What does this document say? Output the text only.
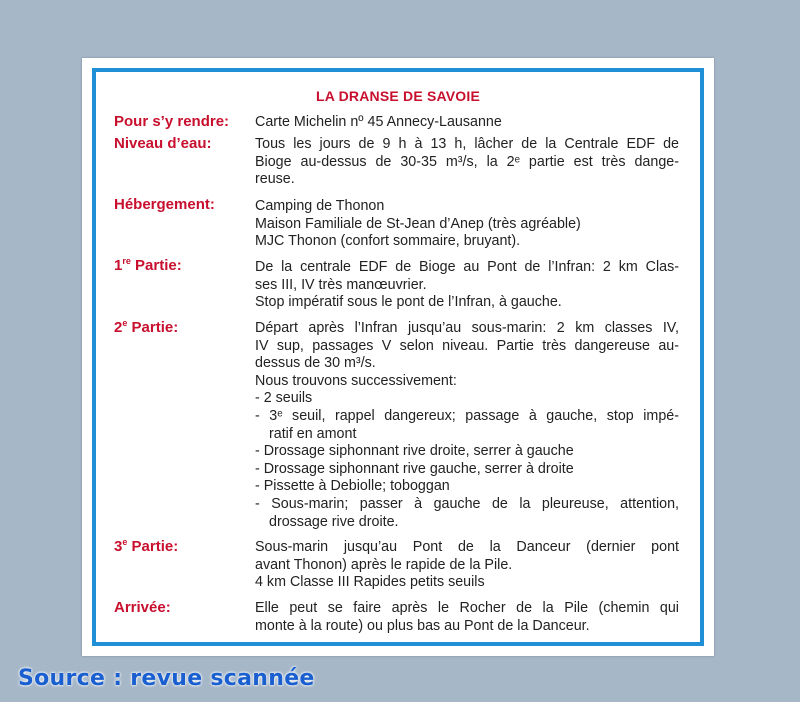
LA DRANSE DE SAVOIE
Pour s’y rendre: Carte Michelin nº 45 Annecy-Lausanne
Niveau d’eau:	Tous les jours de 9 h à 13 h, lâcher de la Centrale EDF de
Bioge au-dessus de 30-35 m³/s, la 2ᵉ partie est très dange-
reuse.
Hébergement:	Camping de Thonon
Maison Familiale de St-Jean d’Anep (très agréable)
MJC Thonon (confort sommaire, bruyant).
1re Partie:	De la centrale EDF de Bioge au Pont de l’Infran: 2 km Clas-
ses III, IV très manœuvrier.
Stop impératif sous le pont de l’Infran, à gauche.
2e Partie:	Départ après l’Infran jusqu’au sous-marin: 2 km classes IV,
IV sup, passages V selon niveau. Partie très dangereuse au-
dessus de 30 m³/s.
Nous trouvons successivement:
- 2 seuils
- 3ᵉ seuil, rappel dangereux; passage à gauche, stop impé-
ratif en amont
- Drossage siphonnant rive droite, serrer à gauche
- Drossage siphonnant rive gauche, serrer à droite
- Pissette à Debiolle; toboggan
- Sous-marin; passer à gauche de la pleureuse, attention,
drossage rive droite.
3e Partie:	Sous-marin jusqu’au Pont de la Danceur (dernier pont
avant Thonon) après le rapide de la Pile.
4 km Classe III Rapides petits seuils
Arrivée:	Elle peut se faire après le Rocher de la Pile (chemin qui
monte à la route) ou plus bas au Pont de la Danceur.
Source : revue scannée
